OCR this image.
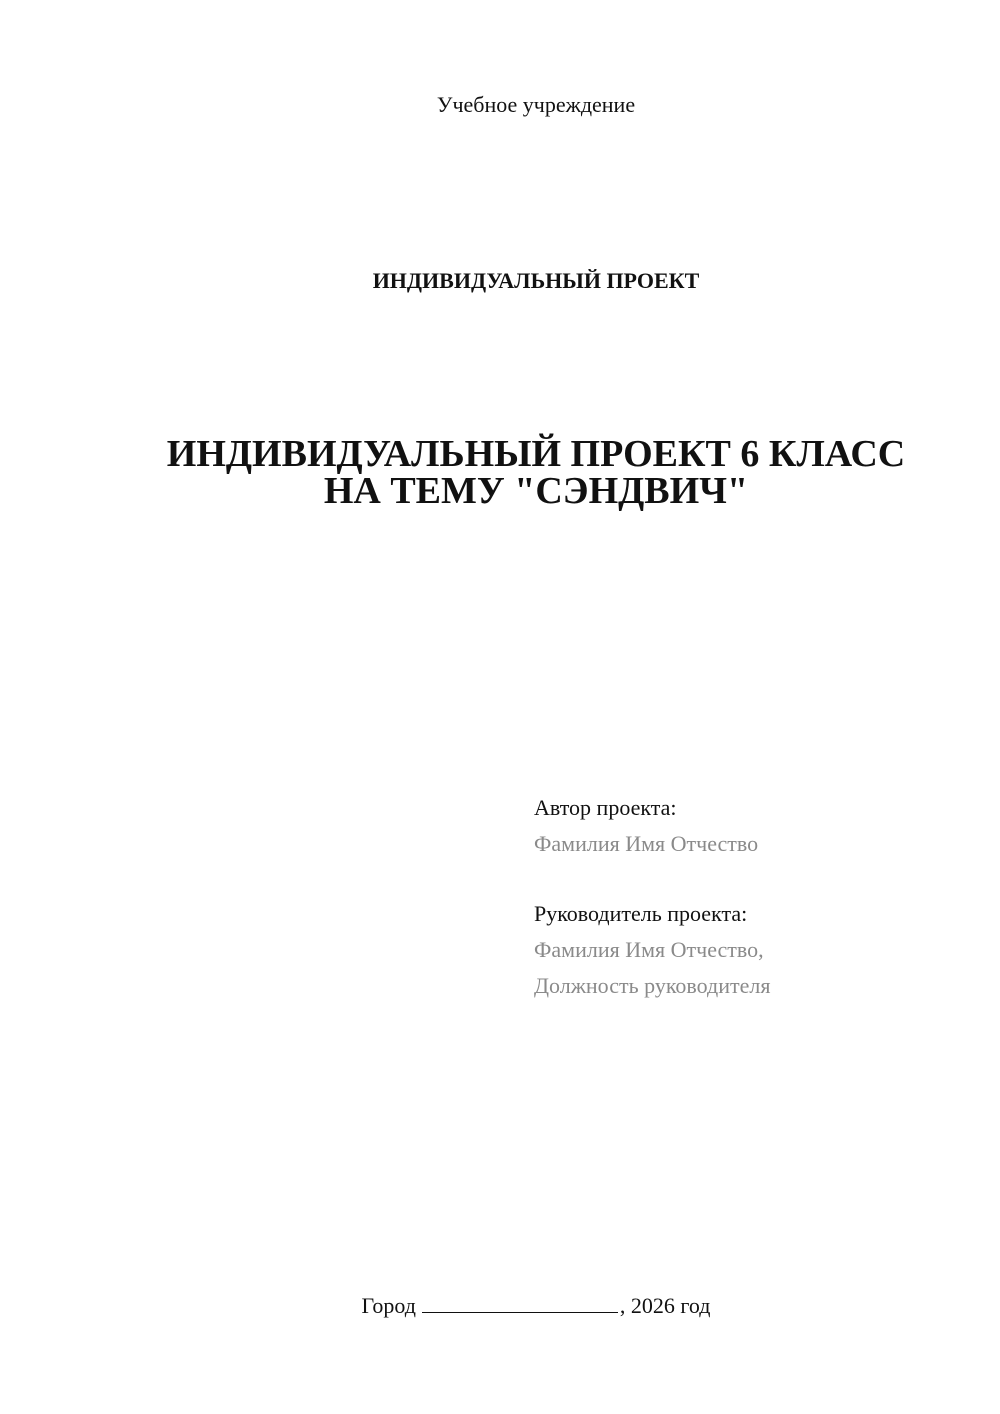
Учебное учреждение
ИНДИВИДУАЛЬНЫЙ ПРОЕКТ
ИНДИВИДУАЛЬНЫЙ ПРОЕКТ 6 КЛАСС
НА ТЕМУ "СЭНДВИЧ"
Автор проекта:
Фамилия Имя Отчество
Руководитель проекта:
Фамилия Имя Отчество,
Должность руководителя
Город	, 2026 год
